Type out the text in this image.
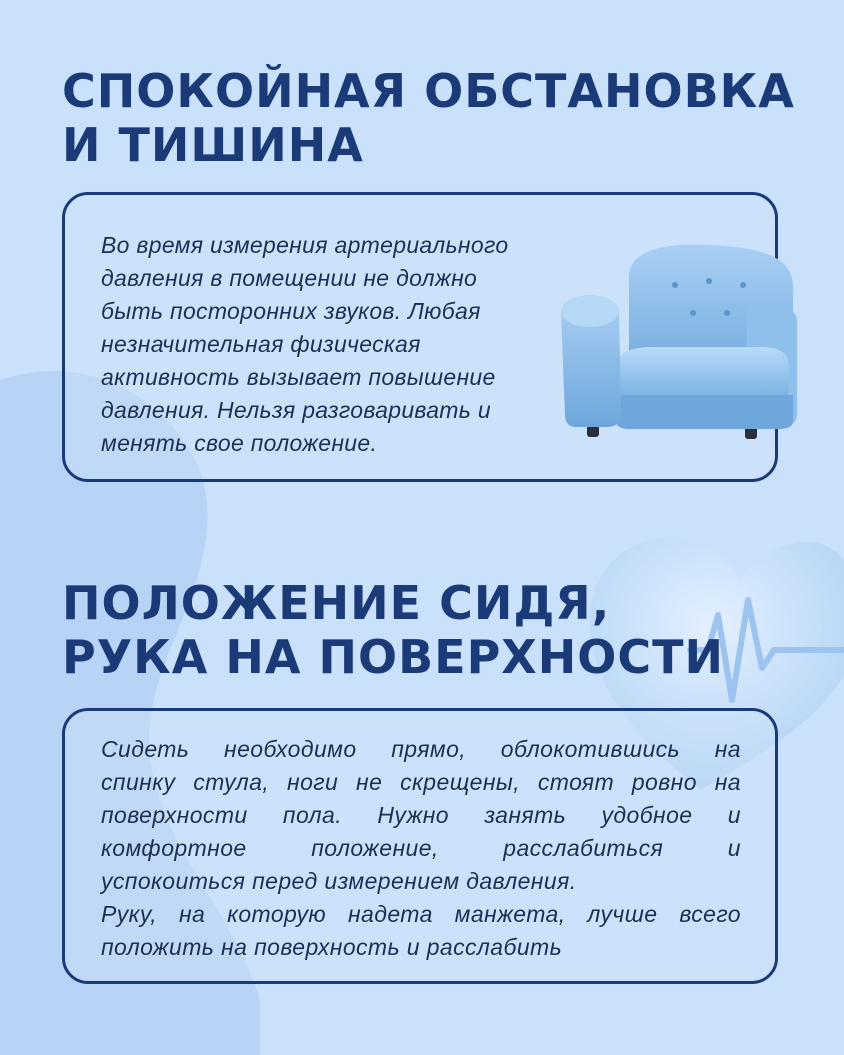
СПОКОЙНАЯ ОБСТАНОВКА
И ТИШИНА

Во время измерения артериального
давления в помещении не должно
быть посторонних звуков. Любая
незначительная физическая
активность вызывает повышение
давления. Нельзя разговаривать и
менять свое положение.

ПОЛОЖЕНИЕ СИДЯ,
РУКА НА ПОВЕРХНОСТИ

Сидеть необходимо прямо, облокотившись на
спинку стула, ноги не скрещены, стоят ровно на
поверхности пола. Нужно занять удобное и
комфортное положение, расслабиться и
успокоиться перед измерением давления.
Руку, на которую надета манжета, лучше всего
положить на поверхность и расслабить
